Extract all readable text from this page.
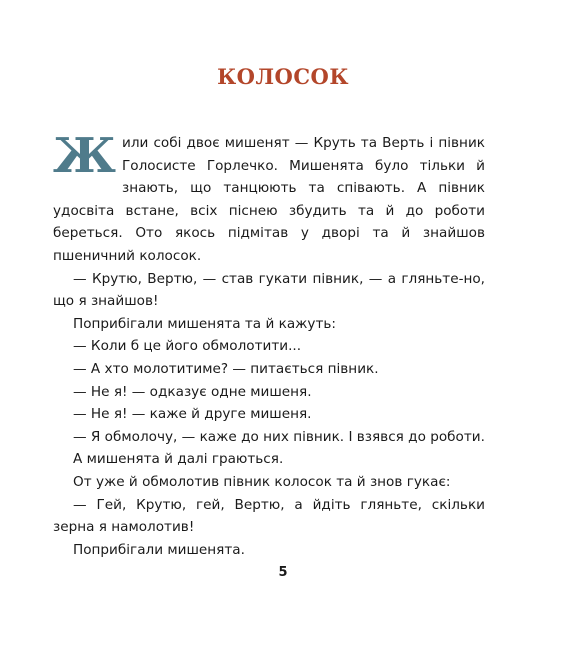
КОЛОСОК

Жили собі двоє мишенят — Круть та Верть і півник Голосисте Горлечко. Мишенята було тільки й знають, що танцюють та співають. А півник удосвіта встане, всіх піснею збудить та й до роботи береться. Ото якось підмітав у дворі та й знайшов пшеничний колосок.

— Крутю, Вертю, — став гукати півник, — а гляньте-но, що я знайшов!

Поприбігали мишенята та й кажуть:

— Коли б це його обмолотити...

— А хто молотитиме? — питається півник.

— Не я! — одказує одне мишеня.

— Не я! — каже й друге мишеня.

— Я обмолочу, — каже до них півник. І взявся до роботи.

А мишенята й далі граються.

От уже й обмолотив півник колосок та й знов гукає:

— Гей, Крутю, гей, Вертю, а йдіть гляньте, скільки зерна я намолотив!

Поприбігали мишенята.

5
